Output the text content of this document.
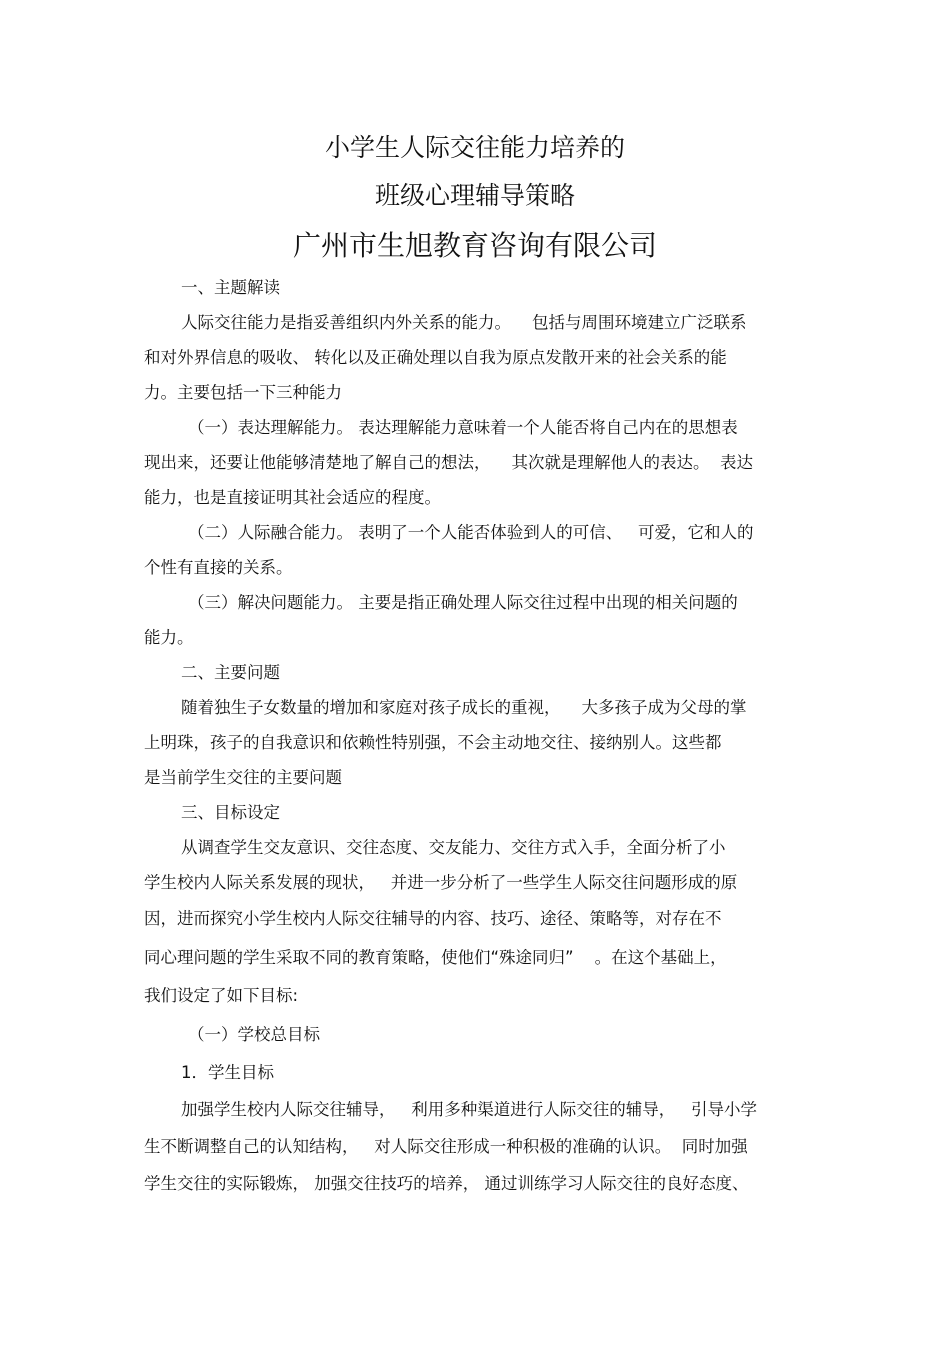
小学生人际交往能力培养的
班级心理辅导策略
广州市生旭教育咨询有限公司
一、主题解读
人际交往能力是指妥善组织内外关系的能力。    包括与周围环境建立广泛联系
和对外界信息的吸收、 转化以及正确处理以自我为原点发散开来的社会关系的能
力。主要包括一下三种能力
（一）表达理解能力。 表达理解能力意味着一个人能否将自己内在的思想表
现出来，还要让他能够清楚地了解自己的想法，    其次就是理解他人的表达。  表达
能力，也是直接证明其社会适应的程度。
（二）人际融合能力。 表明了一个人能否体验到人的可信、   可爱，它和人的
个性有直接的关系。
（三）解决问题能力。 主要是指正确处理人际交往过程中出现的相关问题的
能力。
二、主要问题
随着独生子女数量的增加和家庭对孩子成长的重视，    大多孩子成为父母的掌
上明珠，孩子的自我意识和依赖性特别强，不会主动地交往、接纳别人。这些都
是当前学生交往的主要问题
三、目标设定
从调查学生交友意识、交往态度、交友能力、交往方式入手，全面分析了小
学生校内人际关系发展的现状，   并进一步分析了一些学生人际交往问题形成的原
因，进而探究小学生校内人际交往辅导的内容、技巧、途径、策略等，对存在不
同心理问题的学生采取不同的教育策略，使他们“殊途同归”    。在这个基础上，
我们设定了如下目标:
（一）学校总目标
1．学生目标
加强学生校内人际交往辅导，   利用多种渠道进行人际交往的辅导，   引导小学
生不断调整自己的认知结构，   对人际交往形成一种积极的准确的认识。  同时加强
学生交往的实际锻炼， 加强交往技巧的培养， 通过训练学习人际交往的良好态度、
